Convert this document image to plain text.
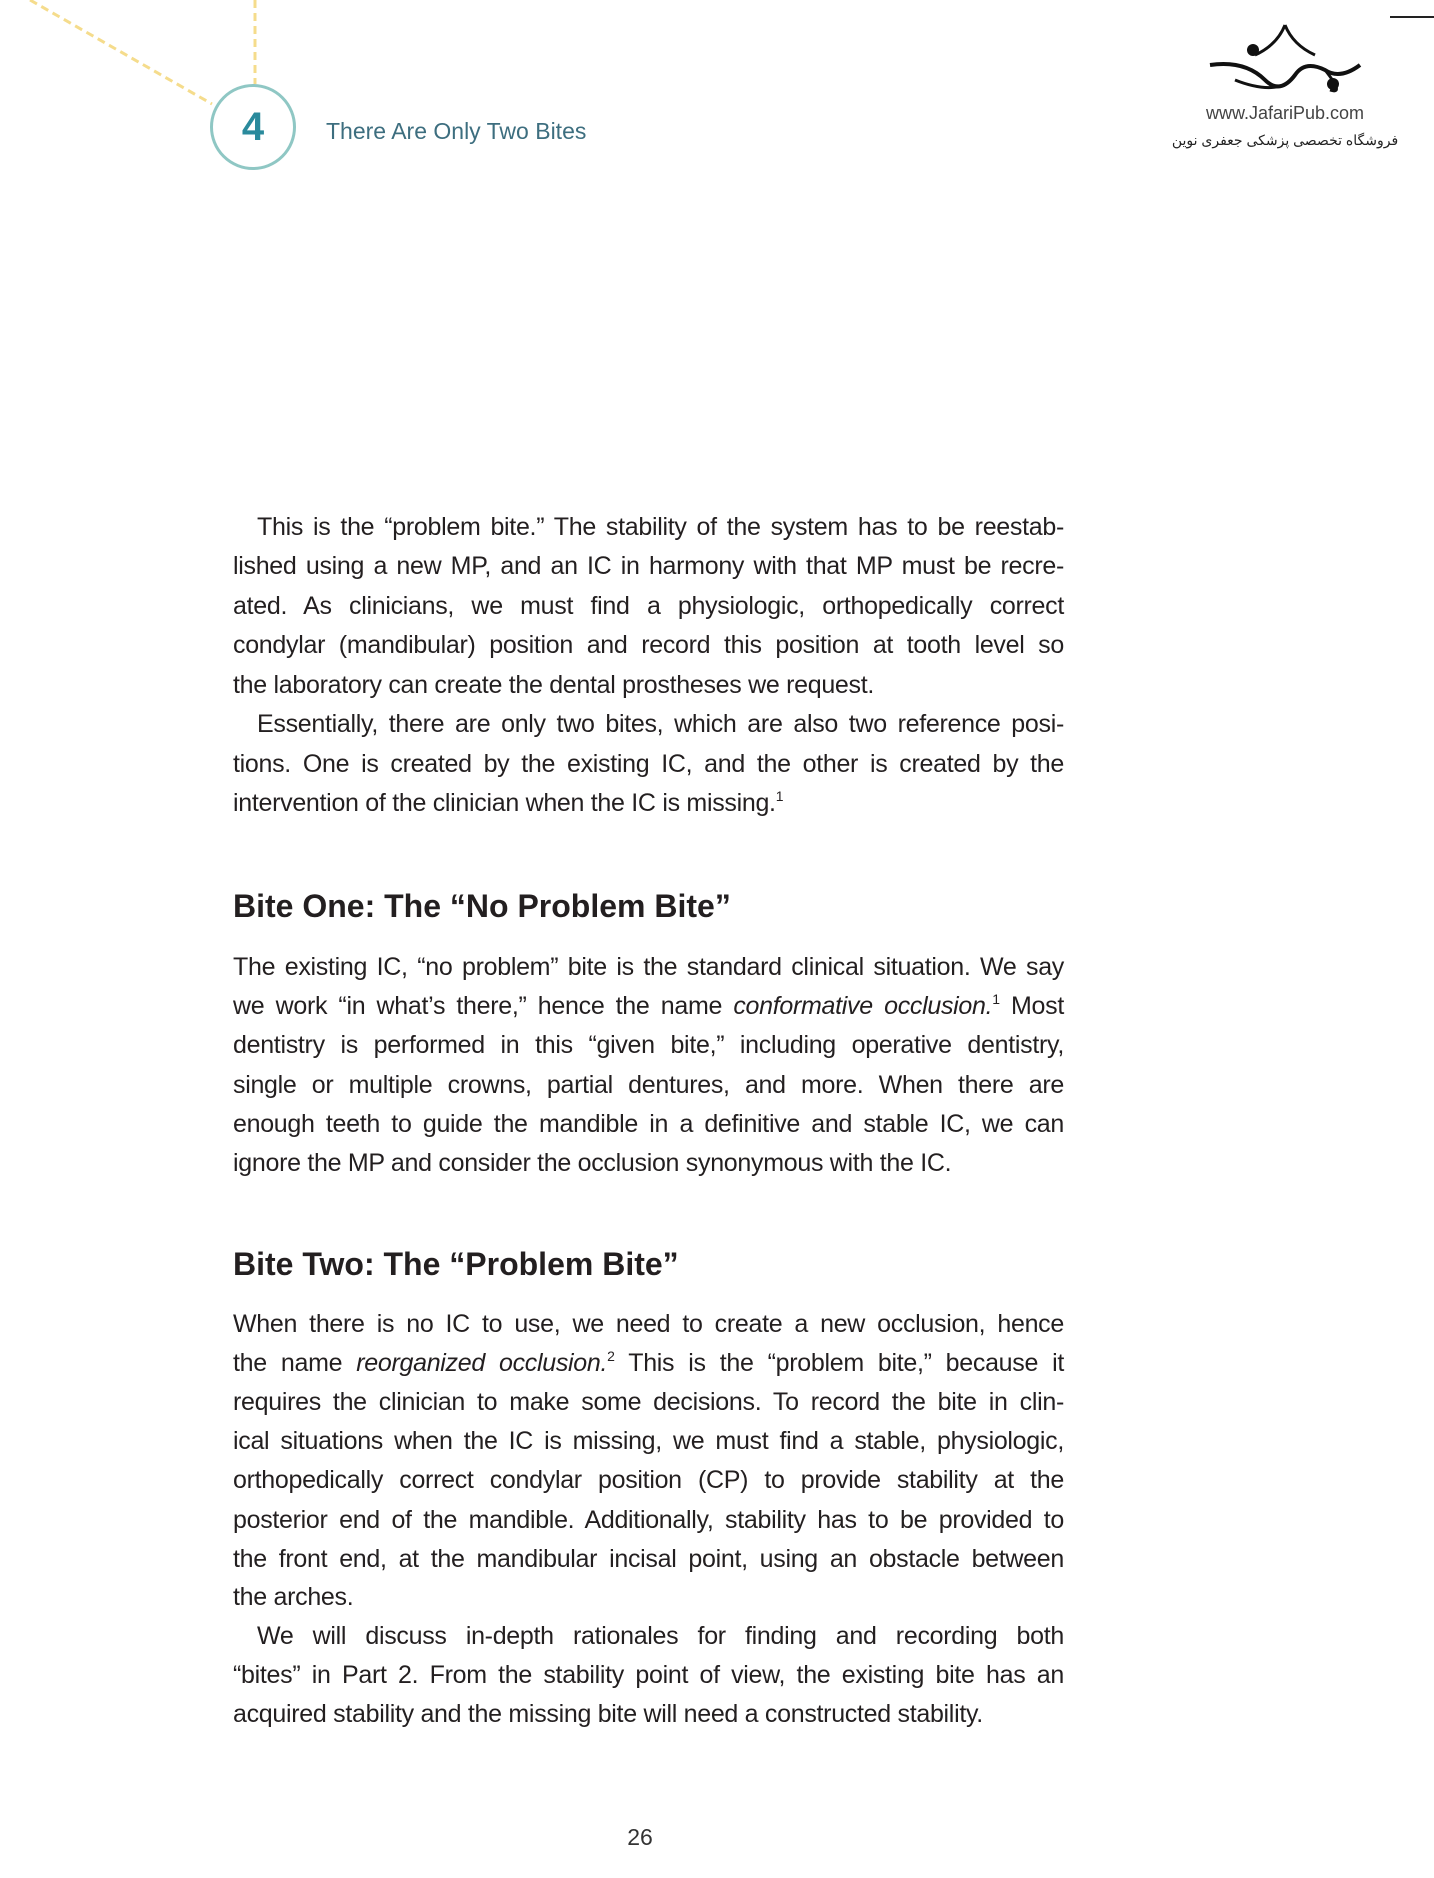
4	There Are Only Two Bites
www.JafariPub.com
فروشگاه تخصصی پزشکی جعفری نوین
This is the “problem bite.” The stability of the system has to be reestab-
lished using a new MP, and an IC in harmony with that MP must be recre-
ated. As clinicians, we must find a physiologic, orthopedically correct
condylar (mandibular) position and record this position at tooth level so
the laboratory can create the dental prostheses we request.
Essentially, there are only two bites, which are also two reference posi-
tions. One is created by the existing IC, and the other is created by the
intervention of the clinician when the IC is missing.$^1$
The existing IC, “no problem” bite is the standard clinical situation. We say
we work “in what’s there,” hence the name conformative occlusion.$^1$ Most
dentistry is performed in this “given bite,” including operative dentistry,
single or multiple crowns, partial dentures, and more. When there are
enough teeth to guide the mandible in a definitive and stable IC, we can
ignore the MP and consider the occlusion synonymous with the IC.
When there is no IC to use, we need to create a new occlusion, hence
the name reorganized occlusion.$^2$ This is the “problem bite,” because it
requires the clinician to make some decisions. To record the bite in clin-
ical situations when the IC is missing, we must find a stable, physiologic,
orthopedically correct condylar position (CP) to provide stability at the
posterior end of the mandible. Additionally, stability has to be provided to
the front end, at the mandibular incisal point, using an obstacle between
the arches.
We will discuss in-depth rationales for finding and recording both
“bites” in Part 2. From the stability point of view, the existing bite has an
acquired stability and the missing bite will need a constructed stability.
Bite One: The “No Problem Bite”
Bite Two: The “Problem Bite”
26
